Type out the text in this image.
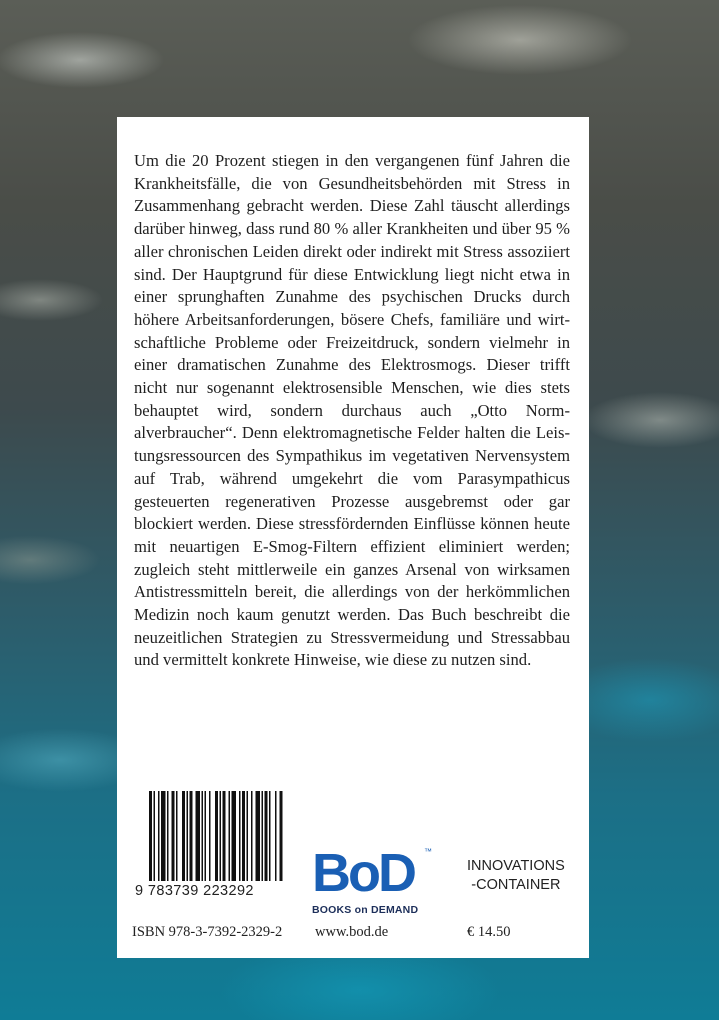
Um die 20 Prozent stiegen in den vergangenen fünf Jahren die Krankheitsfälle, die von Gesundheitsbehörden mit Stress in Zusammenhang gebracht werden. Diese Zahl täuscht allerdings darüber hinweg, dass rund 80 % aller Krankheiten und über 95 % aller chronischen Leiden direkt oder indirekt mit Stress assoziiert sind. Der Hauptgrund für diese Entwicklung liegt nicht etwa in einer sprunghaften Zunahme des psychischen Drucks durch höhere Arbeitsanforderungen, bösere Chefs, familiäre und wirtschaftliche Probleme oder Freizeitdruck, sondern vielmehr in einer dramatischen Zunahme des Elektrosmogs. Dieser trifft nicht nur sogenannt elektrosensible Menschen, wie dies stets behauptet wird, sondern durchaus auch „Otto Normalverbraucher“. Denn elektromagnetische Felder halten die Leistungsressourcen des Sympathikus im vegetativen Nervensystem auf Trab, während umgekehrt die vom Parasympathicus gesteuerten regenerativen Prozesse ausgebremst oder gar blockiert werden. Diese stressfördernden Einflüsse können heute mit neuartigen E-Smog-Filtern effizient eliminiert werden; zugleich steht mittlerweile ein ganzes Arsenal von wirksamen Antistressmitteln bereit, die allerdings von der herkömmlichen Medizin noch kaum genutzt werden. Das Buch beschreibt die neuzeitlichen Strategien zu Stressvermeidung und Stressabbau und vermittelt konkrete Hinweise, wie diese zu nutzen sind.

9 783739 223292 BoD	™
BOOKS on DEMAND
INNOVATIONS
-CONTAINER
ISBN 978-3-7392-2329-2 www.bod.de	€ 14.50
